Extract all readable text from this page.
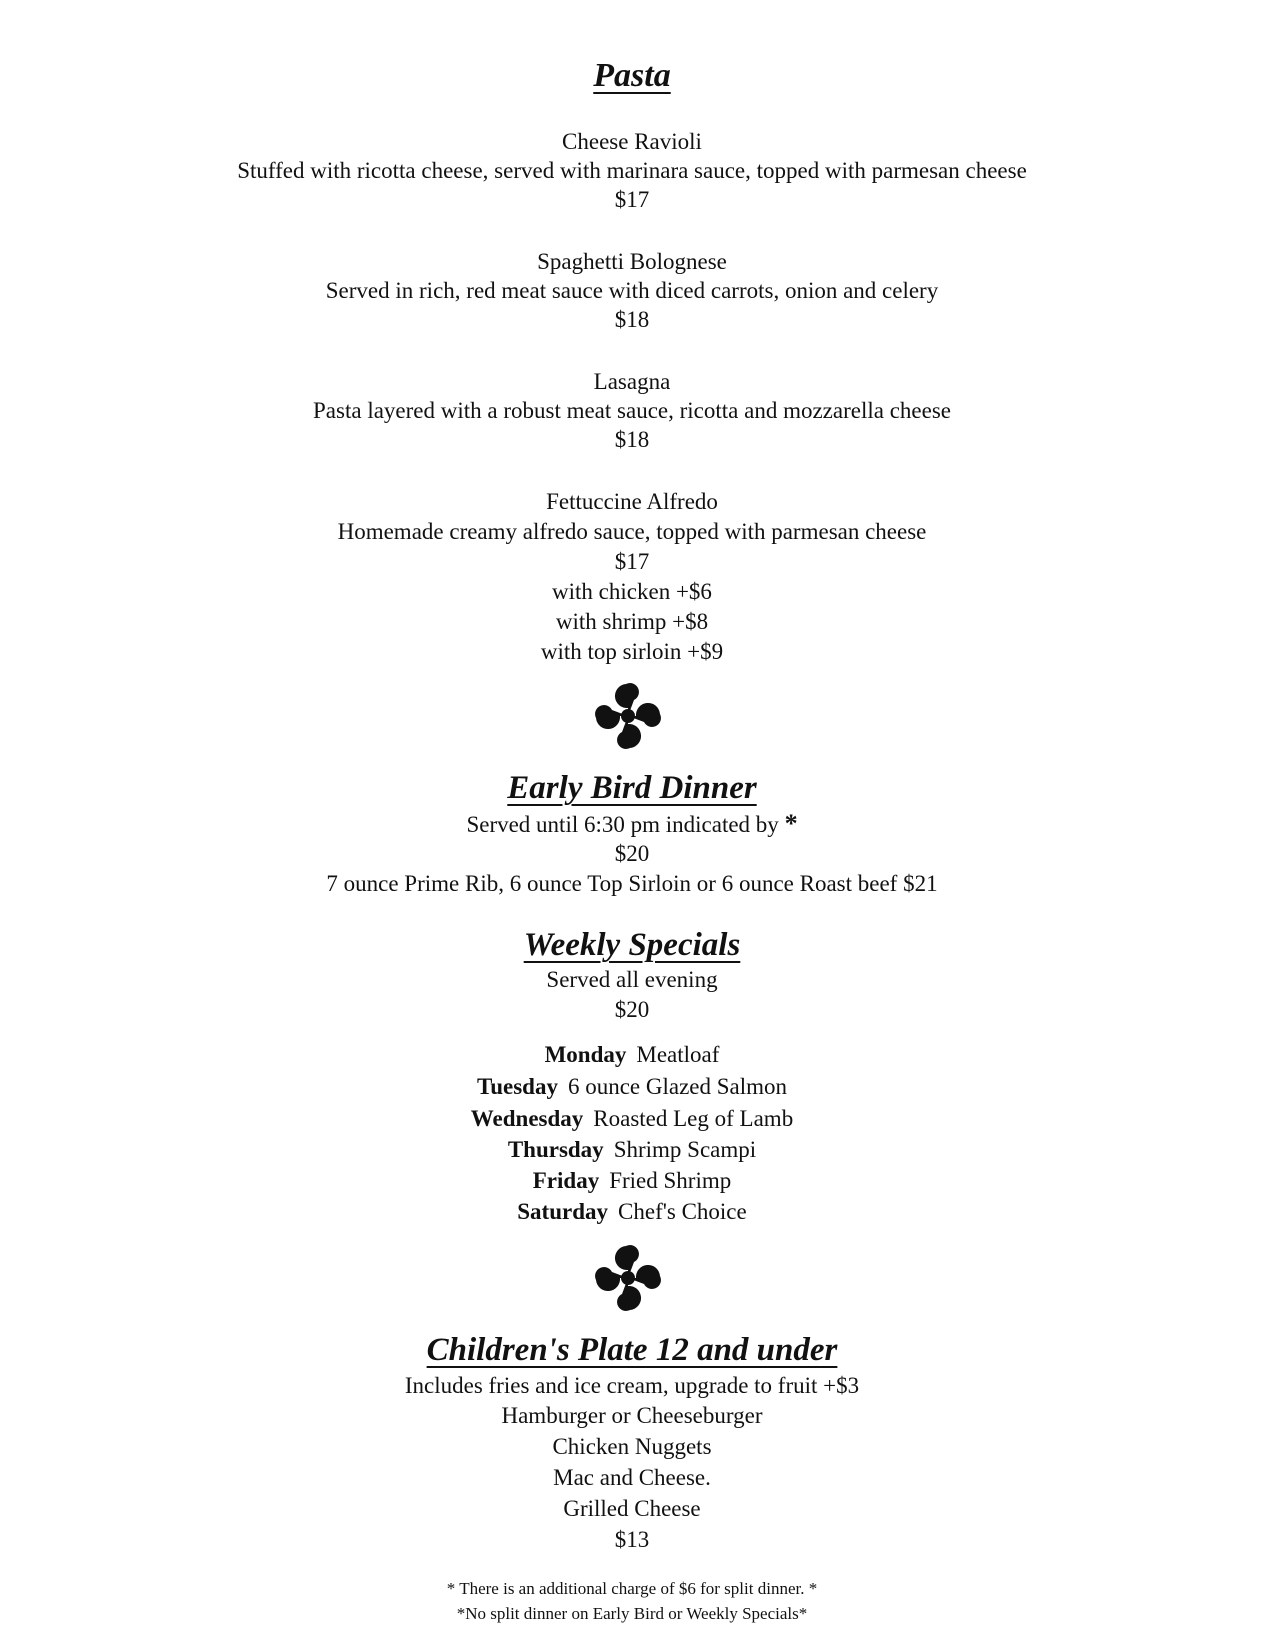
Pasta
Cheese Ravioli
Stuffed with ricotta cheese, served with marinara sauce, topped with parmesan cheese
$17
Spaghetti Bolognese
Served in rich, red meat sauce with diced carrots, onion and celery
$18
Lasagna
Pasta layered with a robust meat sauce, ricotta and mozzarella cheese
$18
Fettuccine Alfredo
Homemade creamy alfredo sauce, topped with parmesan cheese
$17
with chicken +$6
with shrimp +$8
with top sirloin +$9
Early Bird Dinner
Served until 6:30 pm indicated by *
$20
7 ounce Prime Rib, 6 ounce Top Sirloin or 6 ounce Roast beef $21
Weekly Specials
Served all evening
$20
Monday Meatloaf
Tuesday 6 ounce Glazed Salmon
Wednesday Roasted Leg of Lamb
Thursday Shrimp Scampi
Friday Fried Shrimp
Saturday Chef's Choice
Children's Plate 12 and under
Includes fries and ice cream, upgrade to fruit +$3
Hamburger or Cheeseburger
Chicken Nuggets
Mac and Cheese.
Grilled Cheese
$13
* There is an additional charge of $6 for split dinner. *
*No split dinner on Early Bird or Weekly Specials*
